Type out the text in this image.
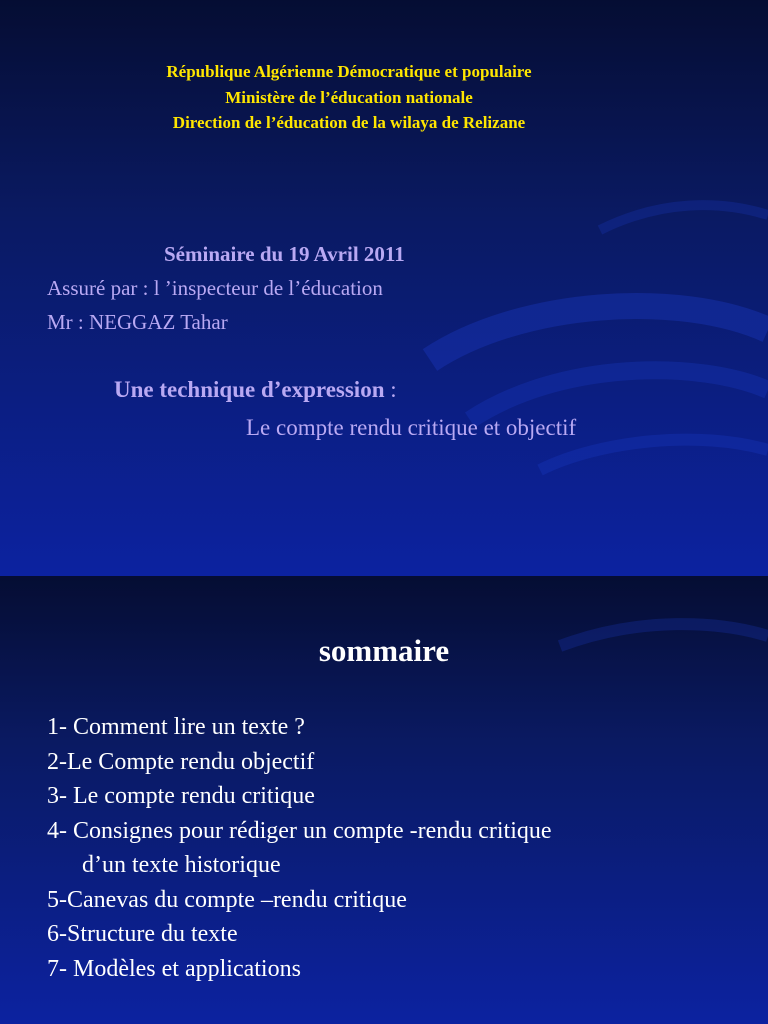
République Algérienne Démocratique et populaire
Ministère de l’éducation nationale
Direction de l’éducation de la wilaya de Relizane
Séminaire du 19 Avril 2011
Assuré par : l ’inspecteur de l’éducation
Mr : NEGGAZ Tahar
Une technique d’expression :
Le compte rendu critique et objectif
sommaire
1- Comment lire un texte ?
2-Le Compte rendu objectif
3- Le compte rendu critique
4- Consignes pour rédiger un compte -rendu critique
d’un texte historique
5-Canevas du compte –rendu critique
6-Structure du texte
7- Modèles et applications
